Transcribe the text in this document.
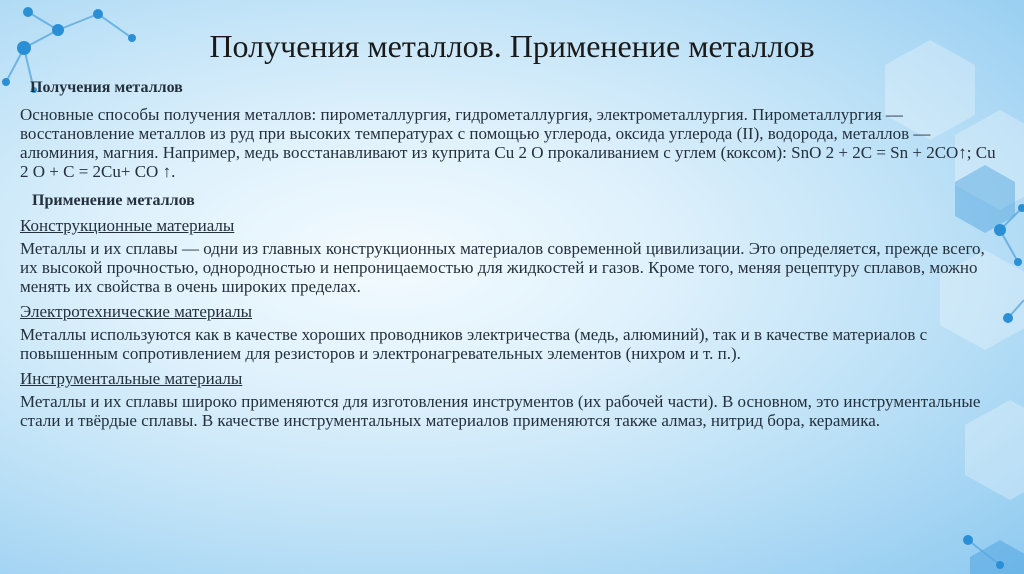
Получения металлов. Применение металлов

Получения металлов

Основные способы получения металлов: пирометаллургия, гидрометаллургия, электрометаллургия. Пирометаллургия — восстановление металлов из руд при высоких температурах с помощью углерода, оксида углерода (II), водорода, металлов — алюминия, магния. Например, медь восстанавливают из куприта Cu 2 O прокаливанием с углем (коксом): SnO 2 + 2C = Sn + 2CO↑; Cu 2 O + C = 2Cu+ CO ↑.

Применение металлов

Конструкционные материалы

Металлы и их сплавы — одни из главных конструкционных материалов современной цивилизации. Это определяется, прежде всего, их высокой прочностью, однородностью и непроницаемостью для жидкостей и газов. Кроме того, меняя рецептуру сплавов, можно менять их свойства в очень широких пределах.

Электротехнические материалы

Металлы используются как в качестве хороших проводников электричества (медь, алюминий), так и в качестве материалов с повышенным сопротивлением для резисторов и электронагревательных элементов (нихром и т. п.).

Инструментальные материалы

Металлы и их сплавы широко применяются для изготовления инструментов (их рабочей части). В основном, это инструментальные стали и твёрдые сплавы. В качестве инструментальных материалов применяются также алмаз, нитрид бора, керамика.
